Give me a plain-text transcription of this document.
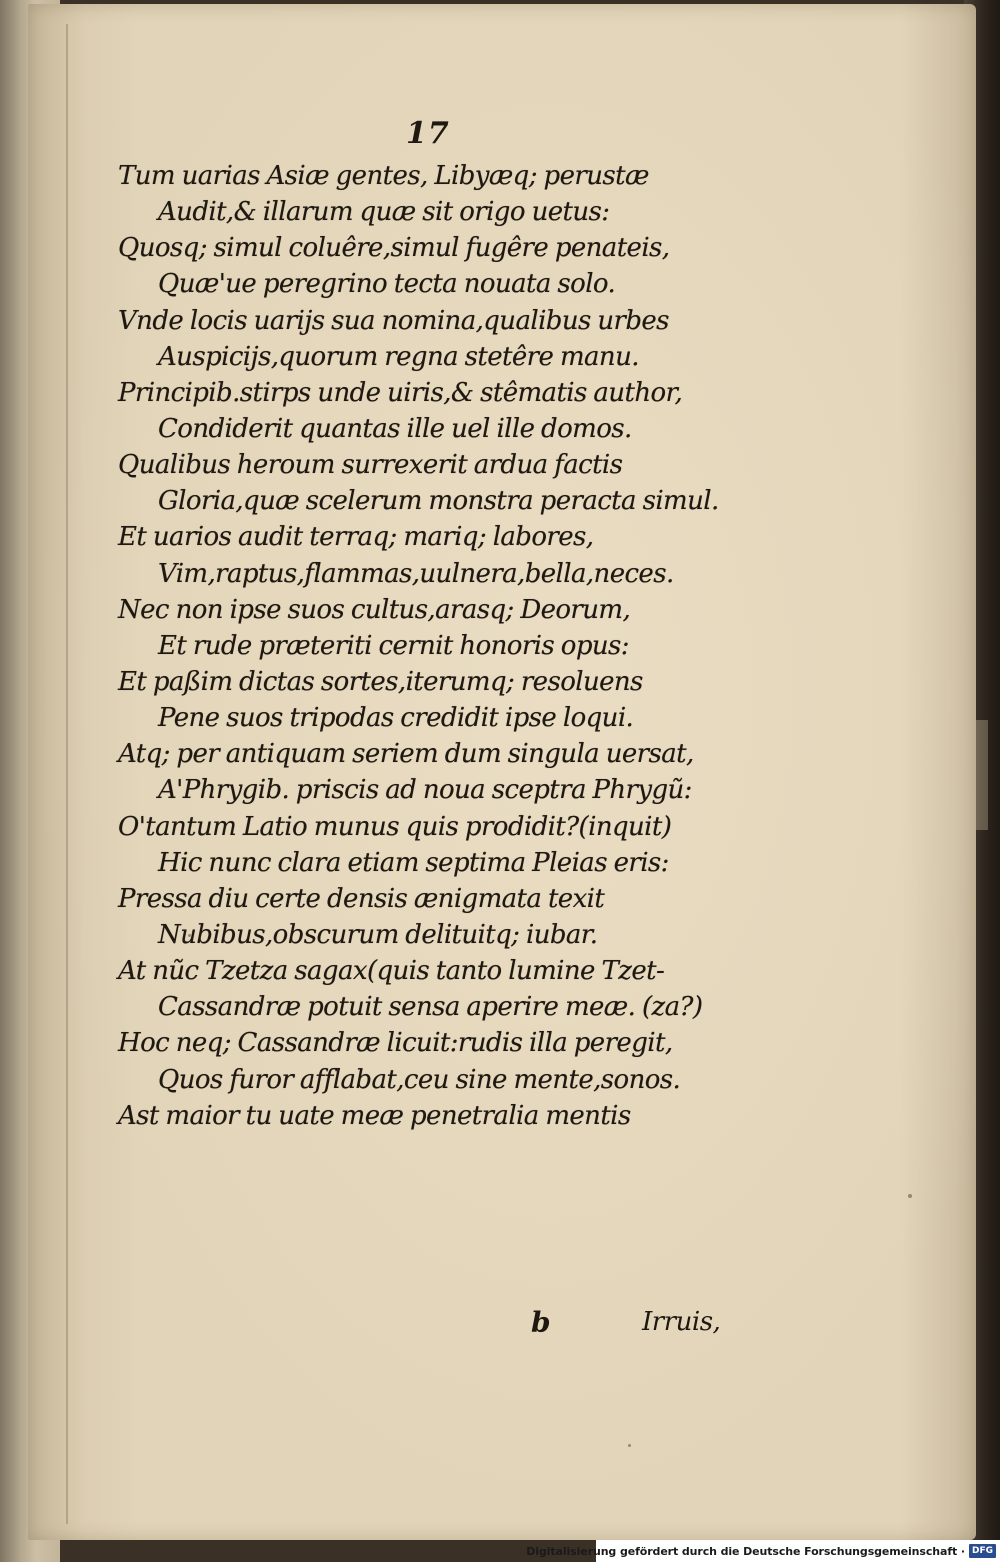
17
Tum uarias Asiæ gentes, Libyæq; perustæ
Audit,& illarum quæ sit origo uetus:
Quosq; simul coluêre,simul fugêre penateis,
Quæ'ue peregrino tecta nouata solo.
Vnde locis uarijs sua nomina,qualibus urbes
Auspicijs,quorum regna stetêre manu.
Principib.stirps unde uiris,& stêmatis author,
Condiderit quantas ille uel ille domos.
Qualibus heroum surrexerit ardua factis
Gloria,quæ scelerum monstra peracta simul.
Et uarios audit terraq; mariq; labores,
Vim,raptus,flammas,uulnera,bella,neces.
Nec non ipse suos cultus,arasq; Deorum,
Et rude præteriti cernit honoris opus:
Et paßim dictas sortes,iterumq; resoluens
Pene suos tripodas credidit ipse loqui.
Atq; per antiquam seriem dum singula uersat,
A'Phrygib. priscis ad noua sceptra Phrygũ:
O'tantum Latio munus quis prodidit?(inquit)
Hic nunc clara etiam septima Pleias eris:
Pressa diu certe densis ænigmata texit
Nubibus,obscurum delituitq; iubar.
At nũc Tzetza sagax(quis tanto lumine Tzet-
Cassandræ potuit sensa aperire meæ. (za?)
Hoc neq; Cassandræ licuit:rudis illa peregit,
Quos furor afflabat,ceu sine mente,sonos.
Ast maior tu uate meæ penetralia mentis
b	Irruis,
Digitalisierung gefördert durch die Deutsche Forschungsgemeinschaft · DFG
